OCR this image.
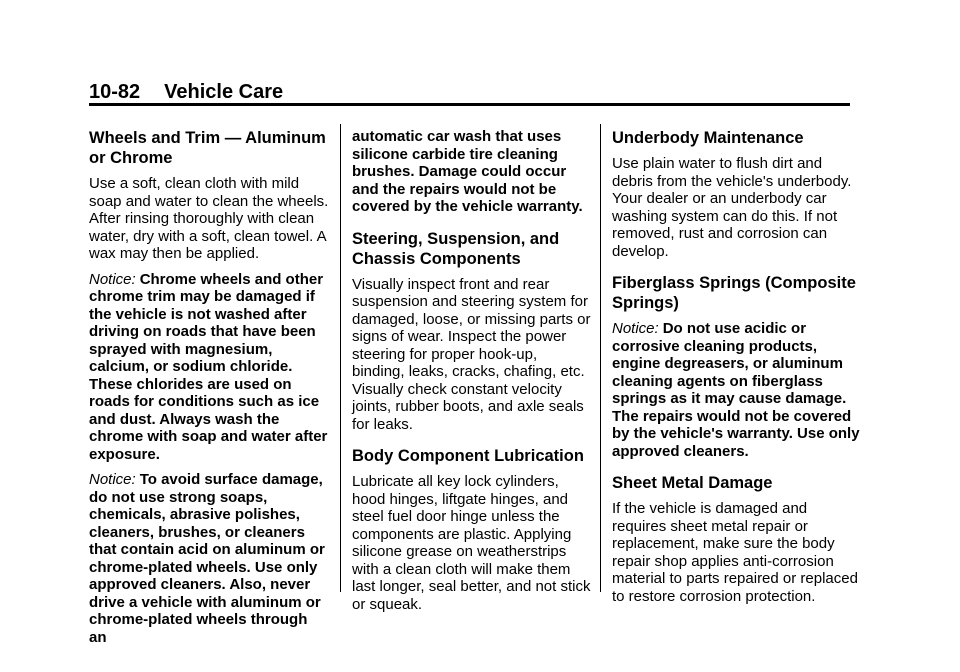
10-82 Vehicle Care
Wheels and Trim — Aluminum or Chrome

Use a soft, clean cloth with mild soap and water to clean the wheels. After rinsing thoroughly with clean water, dry with a soft, clean towel. A wax may then be applied.

Notice: Chrome wheels and other chrome trim may be damaged if the vehicle is not washed after driving on roads that have been sprayed with magnesium, calcium, or sodium chloride. These chlorides are used on roads for conditions such as ice and dust. Always wash the chrome with soap and water after exposure.

Notice: To avoid surface damage, do not use strong soaps, chemicals, abrasive polishes, cleaners, brushes, or cleaners that contain acid on aluminum or chrome-plated wheels. Use only approved cleaners. Also, never drive a vehicle with aluminum or chrome-plated wheels through an

automatic car wash that uses silicone carbide tire cleaning brushes. Damage could occur and the repairs would not be covered by the vehicle warranty.

Steering, Suspension, and Chassis Components

Visually inspect front and rear suspension and steering system for damaged, loose, or missing parts or signs of wear. Inspect the power steering for proper hook-up, binding, leaks, cracks, chafing, etc. Visually check constant velocity joints, rubber boots, and axle seals for leaks.

Body Component Lubrication

Lubricate all key lock cylinders, hood hinges, liftgate hinges, and steel fuel door hinge unless the components are plastic. Applying silicone grease on weatherstrips with a clean cloth will make them last longer, seal better, and not stick or squeak.

Underbody Maintenance

Use plain water to flush dirt and debris from the vehicle's underbody. Your dealer or an underbody car washing system can do this. If not removed, rust and corrosion can develop.

Fiberglass Springs (Composite Springs)

Notice: Do not use acidic or corrosive cleaning products, engine degreasers, or aluminum cleaning agents on fiberglass springs as it may cause damage. The repairs would not be covered by the vehicle's warranty. Use only approved cleaners.

Sheet Metal Damage

If the vehicle is damaged and requires sheet metal repair or replacement, make sure the body repair shop applies anti-corrosion material to parts repaired or replaced to restore corrosion protection.
